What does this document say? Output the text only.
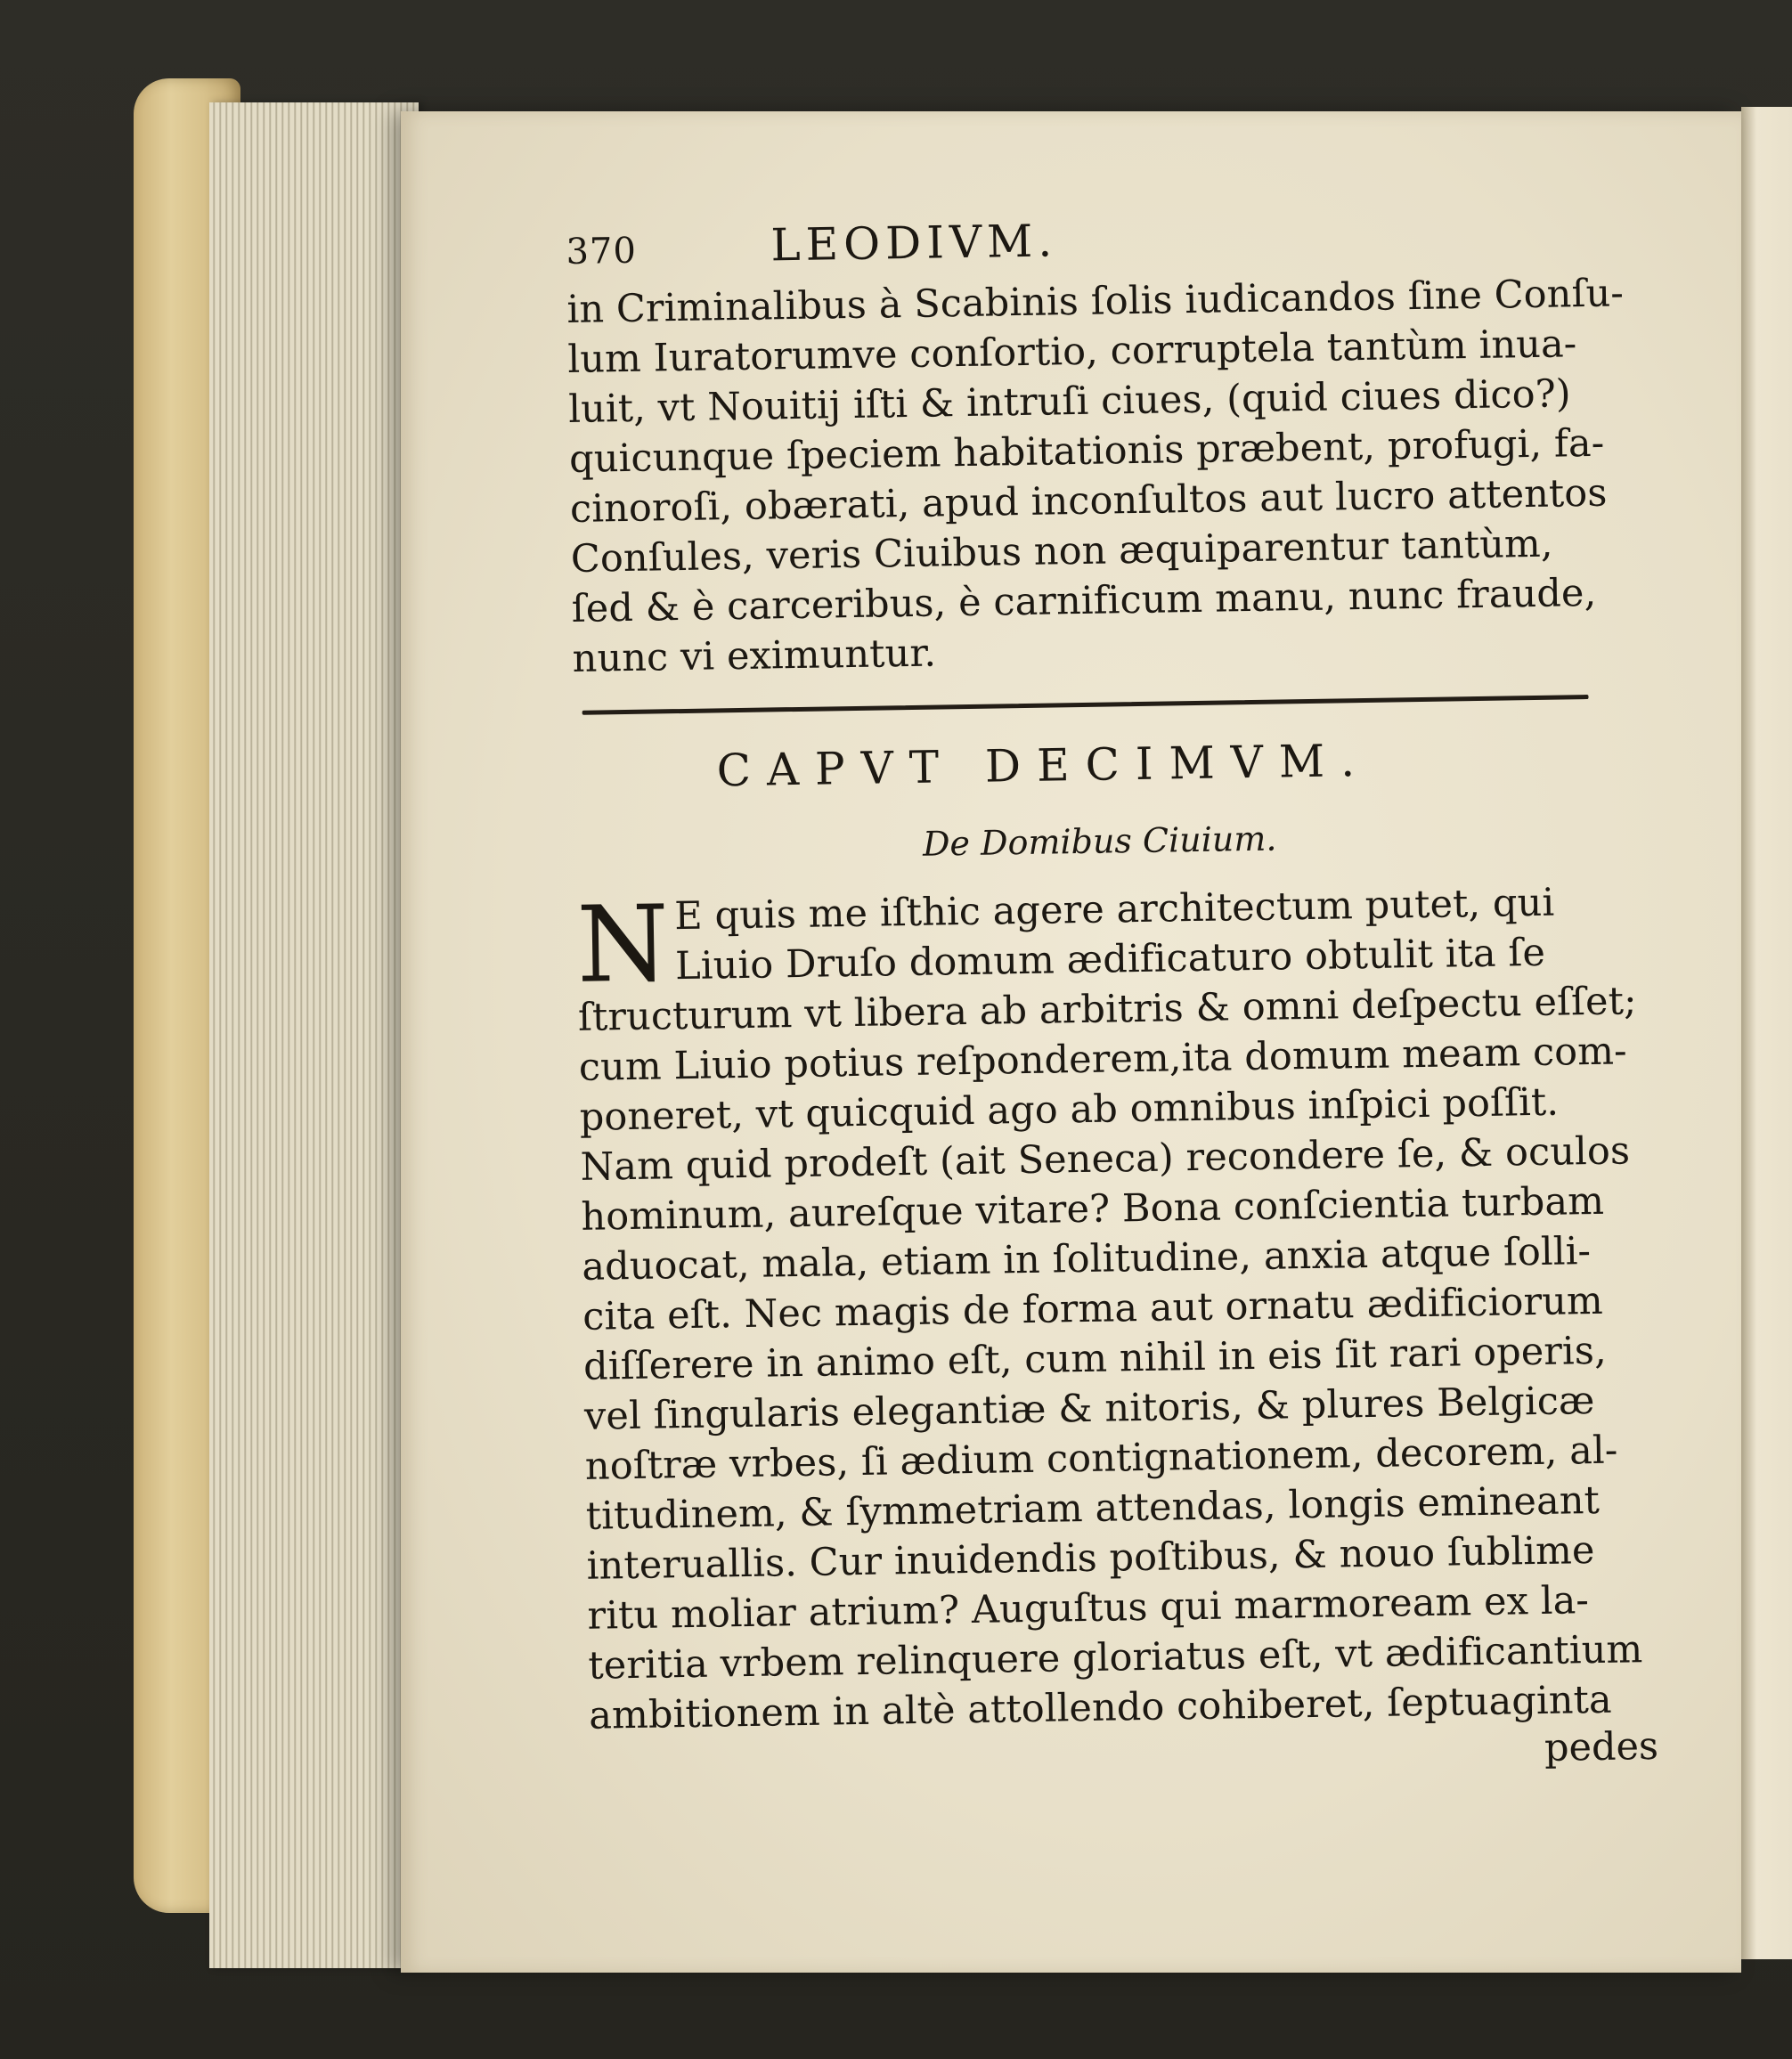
370	LEODIVM.
in Criminalibus à Scabinis ſolis iudicandos ſine Conſu-
lum Iuratorumve conſortio, corruptela tantùm inua-
luit, vt Nouitij iſti & intruſi ciues, (quid ciues dico?)
quicunque ſpeciem habitationis præbent, profugi, fa-
cinoroſi, obærati, apud inconſultos aut lucro attentos
Conſules, veris Ciuibus non æquiparentur tantùm,
ſed & è carceribus, è carnificum manu, nunc fraude,
nunc vi eximuntur.
CAPVT DECIMVM.
De Domibus Ciuium.
N E quis me iſthic agere architectum putet, qui
Liuio Druſo domum ædificaturo obtulit ita ſe
ſtructurum vt libera ab arbitris & omni deſpectu eſſet;
cum Liuio potius reſponderem,ita domum meam com-
poneret, vt quicquid ago ab omnibus inſpici poſſit.
Nam quid prodeſt (ait Seneca) recondere ſe, & oculos
hominum, aureſque vitare? Bona conſcientia turbam
aduocat, mala, etiam in ſolitudine, anxia atque ſolli-
cita eſt. Nec magis de forma aut ornatu ædificiorum
diſſerere in animo eſt, cum nihil in eis ſit rari operis,
vel ſingularis elegantiæ & nitoris, & plures Belgicæ
noſtræ vrbes, ſi ædium contignationem, decorem, al-
titudinem, & ſymmetriam attendas, longis emineant
interuallis. Cur inuidendis poſtibus, & nouo ſublime
ritu moliar atrium? Auguſtus qui marmoream ex la-
teritia vrbem relinquere gloriatus eſt, vt ædificantium
ambitionem in altè attollendo cohiberet, ſeptuaginta
pedes
